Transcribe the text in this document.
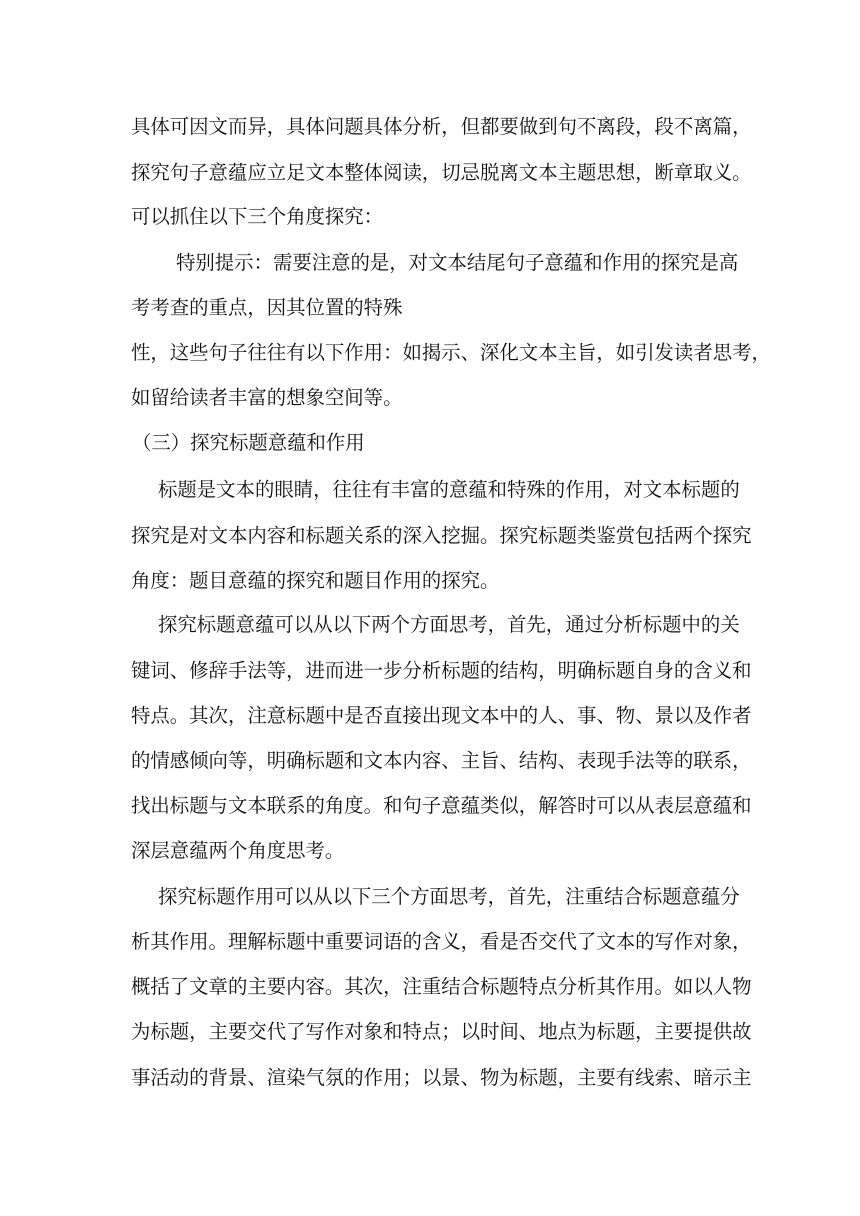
具体可因文而异，具体问题具体分析，但都要做到句不离段，段不离篇，
探究句子意蕴应立足文本整体阅读，切忌脱离文本主题思想，断章取义。
可以抓住以下三个角度探究：
特别提示：需要注意的是，对文本结尾句子意蕴和作用的探究是高
考考查的重点，因其位置的特殊
性，这些句子往往有以下作用：如揭示、深化文本主旨，如引发读者思考，
如留给读者丰富的想象空间等。
（三）探究标题意蕴和作用
标题是文本的眼睛，往往有丰富的意蕴和特殊的作用，对文本标题的
探究是对文本内容和标题关系的深入挖掘。探究标题类鉴赏包括两个探究
角度：题目意蕴的探究和题目作用的探究。
探究标题意蕴可以从以下两个方面思考，首先，通过分析标题中的关
键词、修辞手法等，进而进一步分析标题的结构，明确标题自身的含义和
特点。其次，注意标题中是否直接出现文本中的人、事、物、景以及作者
的情感倾向等，明确标题和文本内容、主旨、结构、表现手法等的联系，
找出标题与文本联系的角度。和句子意蕴类似，解答时可以从表层意蕴和
深层意蕴两个角度思考。
探究标题作用可以从以下三个方面思考，首先，注重结合标题意蕴分
析其作用。理解标题中重要词语的含义，看是否交代了文本的写作对象，
概括了文章的主要内容。其次，注重结合标题特点分析其作用。如以人物
为标题，主要交代了写作对象和特点；以时间、地点为标题，主要提供故
事活动的背景、渲染气氛的作用；以景、物为标题，主要有线索、暗示主
